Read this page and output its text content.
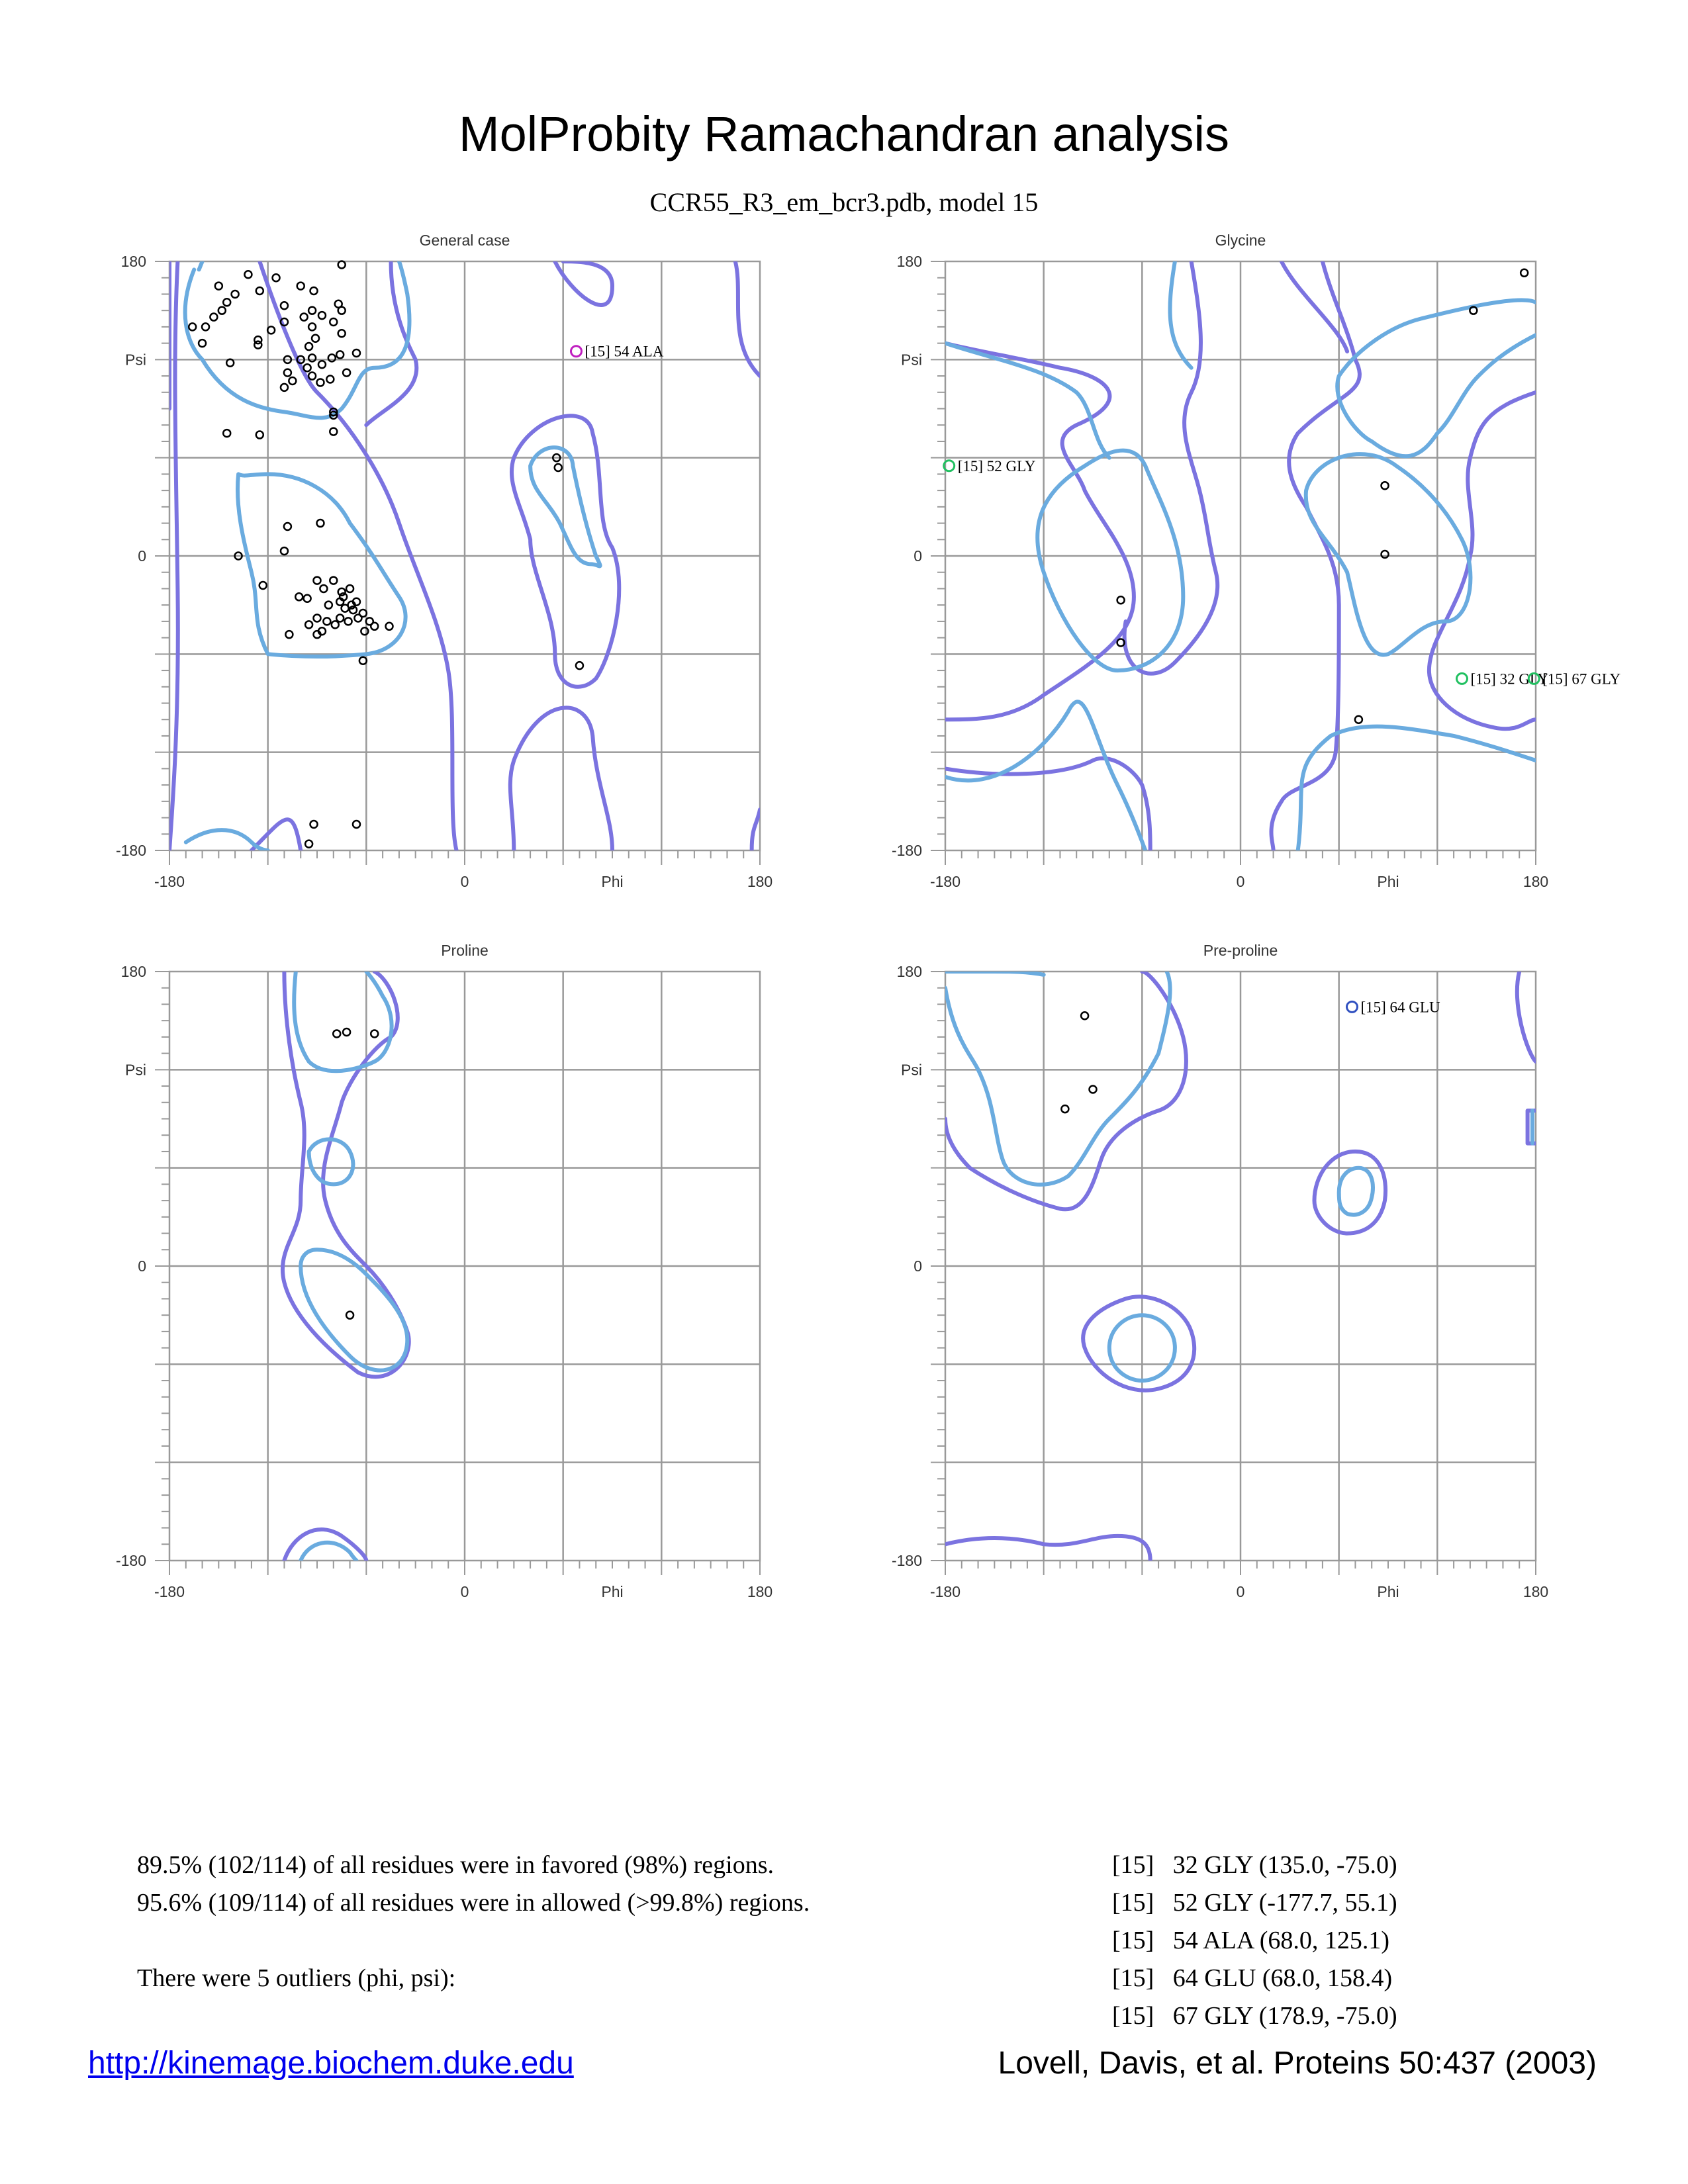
MolProbity Ramachandran analysis
CCR55_R3_em_bcr3.pdb, model 15
General case
-180	0	Phi	180
180
Psi
0
-180
[15] 54 ALA
Glycine
-180	0	Phi	180
180
Psi
0
-180
[15] 52 GLY
[15] 32 GLY
[15] 67 GLY
Proline
-180	0	Phi	180
180
Psi
0
-180
Pre-proline
-180	0	Phi	180
180
Psi
0
-180
[15] 64 GLU
89.5% (102/114) of all residues were in favored (98%) regions.
95.6% (109/114) of all residues were in allowed (>99.8%) regions.

There were 5 outliers (phi, psi):
[15]   32 GLY (135.0, -75.0)
[15]   52 GLY (-177.7, 55.1)
[15]   54 ALA (68.0, 125.1)
[15]   64 GLU (68.0, 158.4)
[15]   67 GLY (178.9, -75.0)
http://kinemage.biochem.duke.edu	Lovell, Davis, et al. Proteins 50:437 (2003)
